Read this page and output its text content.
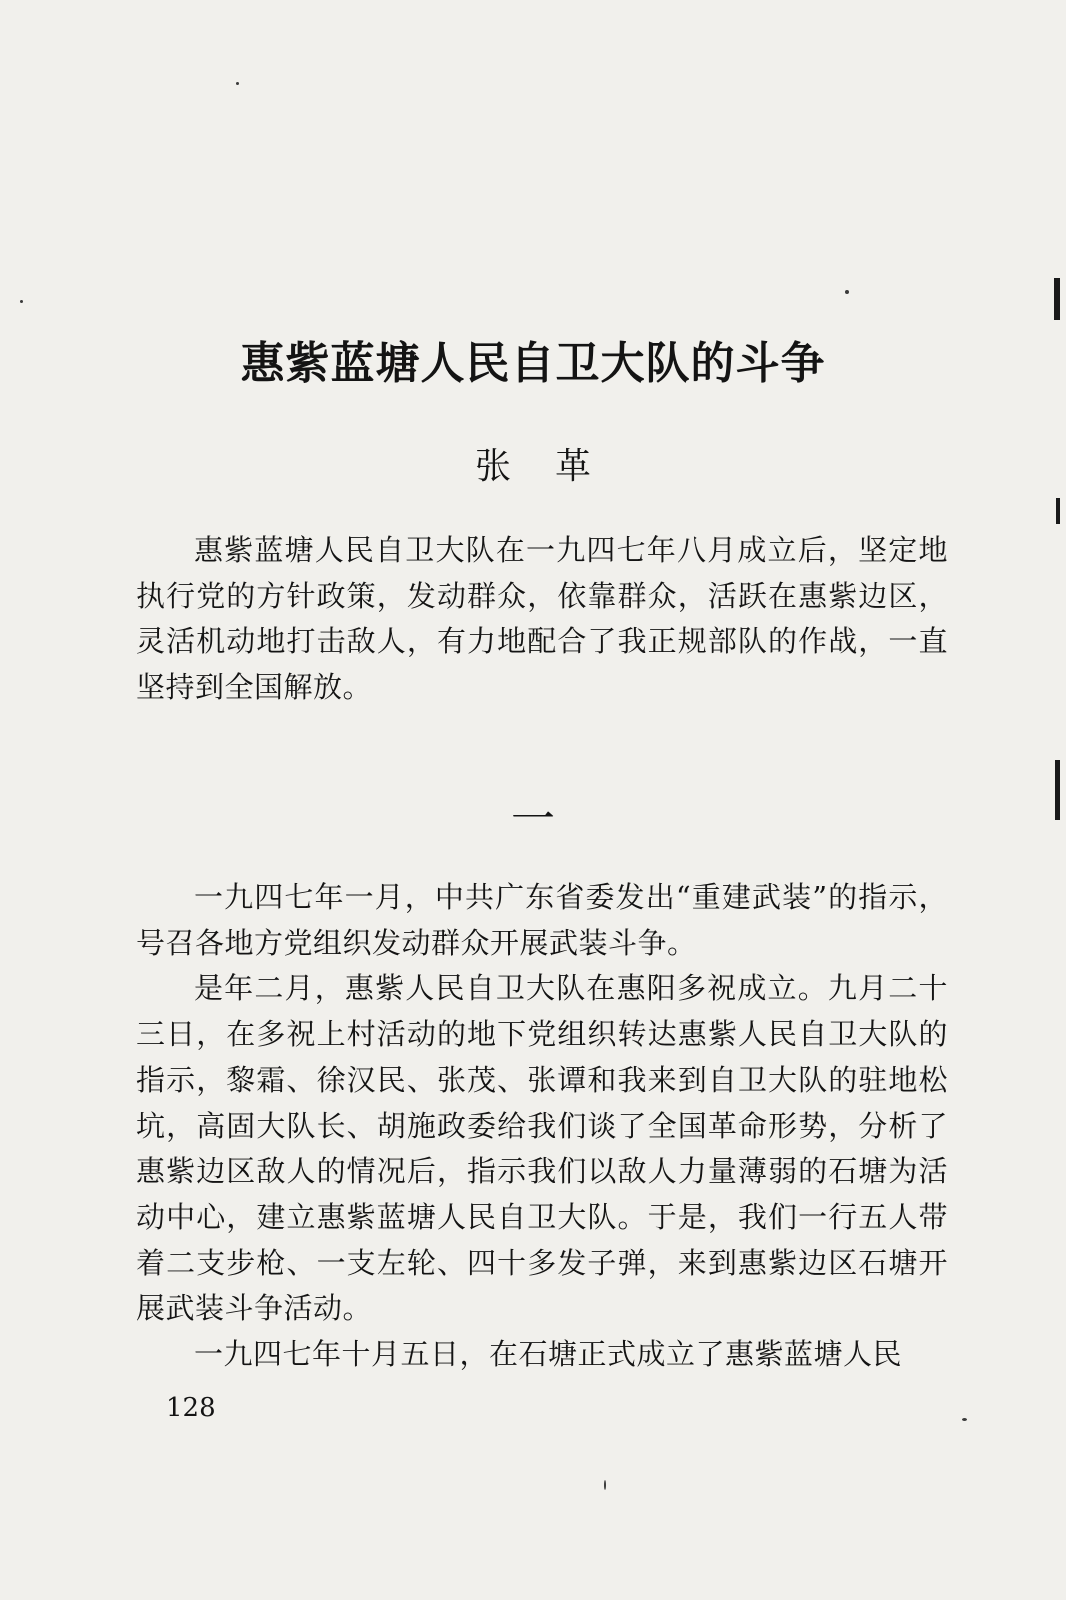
惠紫蓝塘人民自卫大队的斗争
张革

惠紫蓝塘人民自卫大队在一九四七年八月成立后，坚定地执行党的方针政策，发动群众，依靠群众，活跃在惠紫边区，灵活机动地打击敌人，有力地配合了我正规部队的作战，一直坚持到全国解放。

一

一九四七年一月，中共广东省委发出“重建武装”的指示，号召各地方党组织发动群众开展武装斗争。

是年二月，惠紫人民自卫大队在惠阳多祝成立。九月二十三日，在多祝上村活动的地下党组织转达惠紫人民自卫大队的指示，黎霜、徐汉民、张茂、张谭和我来到自卫大队的驻地松坑，高固大队长、胡施政委给我们谈了全国革命形势，分析了惠紫边区敌人的情况后，指示我们以敌人力量薄弱的石塘为活动中心，建立惠紫蓝塘人民自卫大队。于是，我们一行五人带着二支步枪、一支左轮、四十多发子弹，来到惠紫边区石塘开展武装斗争活动。

一九四七年十月五日，在石塘正式成立了惠紫蓝塘人民

128
